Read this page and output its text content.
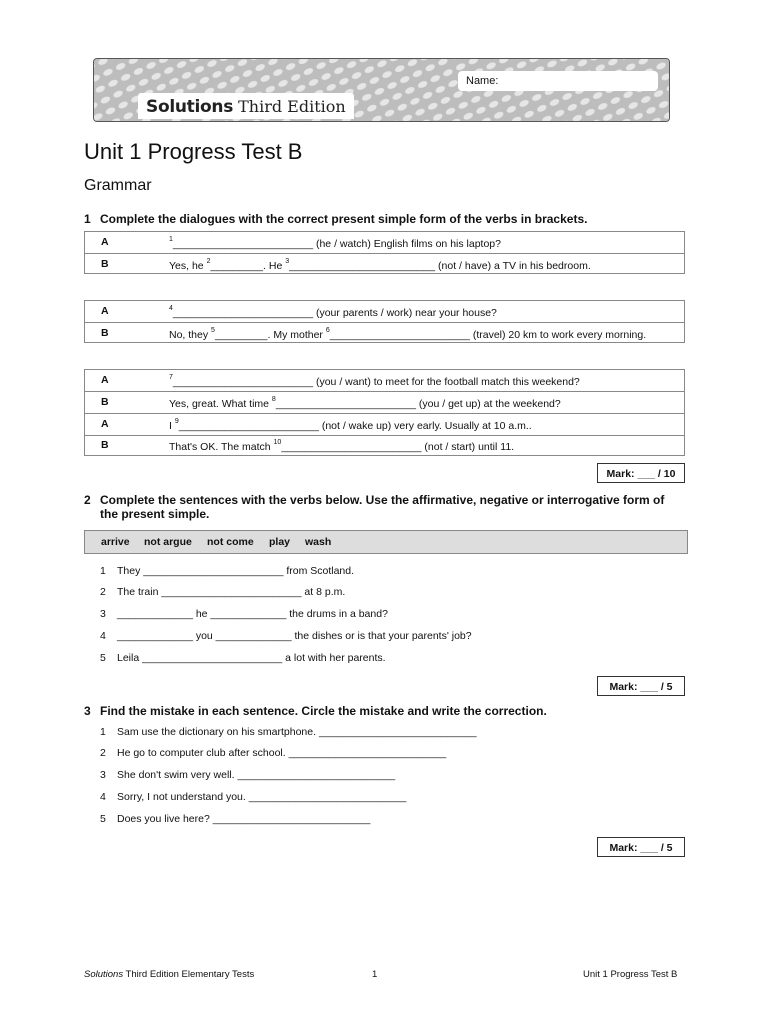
Name:
Solutions Third Edition
Unit 1 Progress Test B
Grammar
1 Complete the dialogues with the correct present simple form of the verbs in brackets.
A	$^1$________________________ (he / watch) English films on his laptop?
B	Yes, he $^2$_________. He $^3$_________________________ (not / have) a TV in his bedroom.
A	$^4$________________________ (your parents / work) near your house?
B	No, they $^5$_________. My mother $^6$________________________ (travel) 20 km to work every morning.
A	$^7$________________________ (you / want) to meet for the football match this weekend?
B	Yes, great. What time $^8$________________________ (you / get up) at the weekend?
A	I $^9$________________________ (not / wake up) very early. Usually at 10 a.m..
B	That's OK. The match $^{10}$________________________ (not / start) until 11.
Mark: ___ / 10
2 Complete the sentences with the verbs below. Use the affirmative, negative or interrogative form of the present simple.
arrive not argue not come play wash
1 They ________________________ from Scotland.
2 The train ________________________ at 8 p.m.
3 _____________ he _____________ the drums in a band?
4 _____________ you _____________ the dishes or is that your parents' job?
5 Leila ________________________ a lot with her parents.
Mark: ___ / 5
3 Find the mistake in each sentence. Circle the mistake and write the correction.
1 Sam use the dictionary on his smartphone. ___________________________
2 He go to computer club after school. ___________________________
3 She don't swim very well. ___________________________
4 Sorry, I not understand you. ___________________________
5 Does you live here? ___________________________
Mark: ___ / 5
Solutions Third Edition Elementary Tests	1	Unit 1 Progress Test B
